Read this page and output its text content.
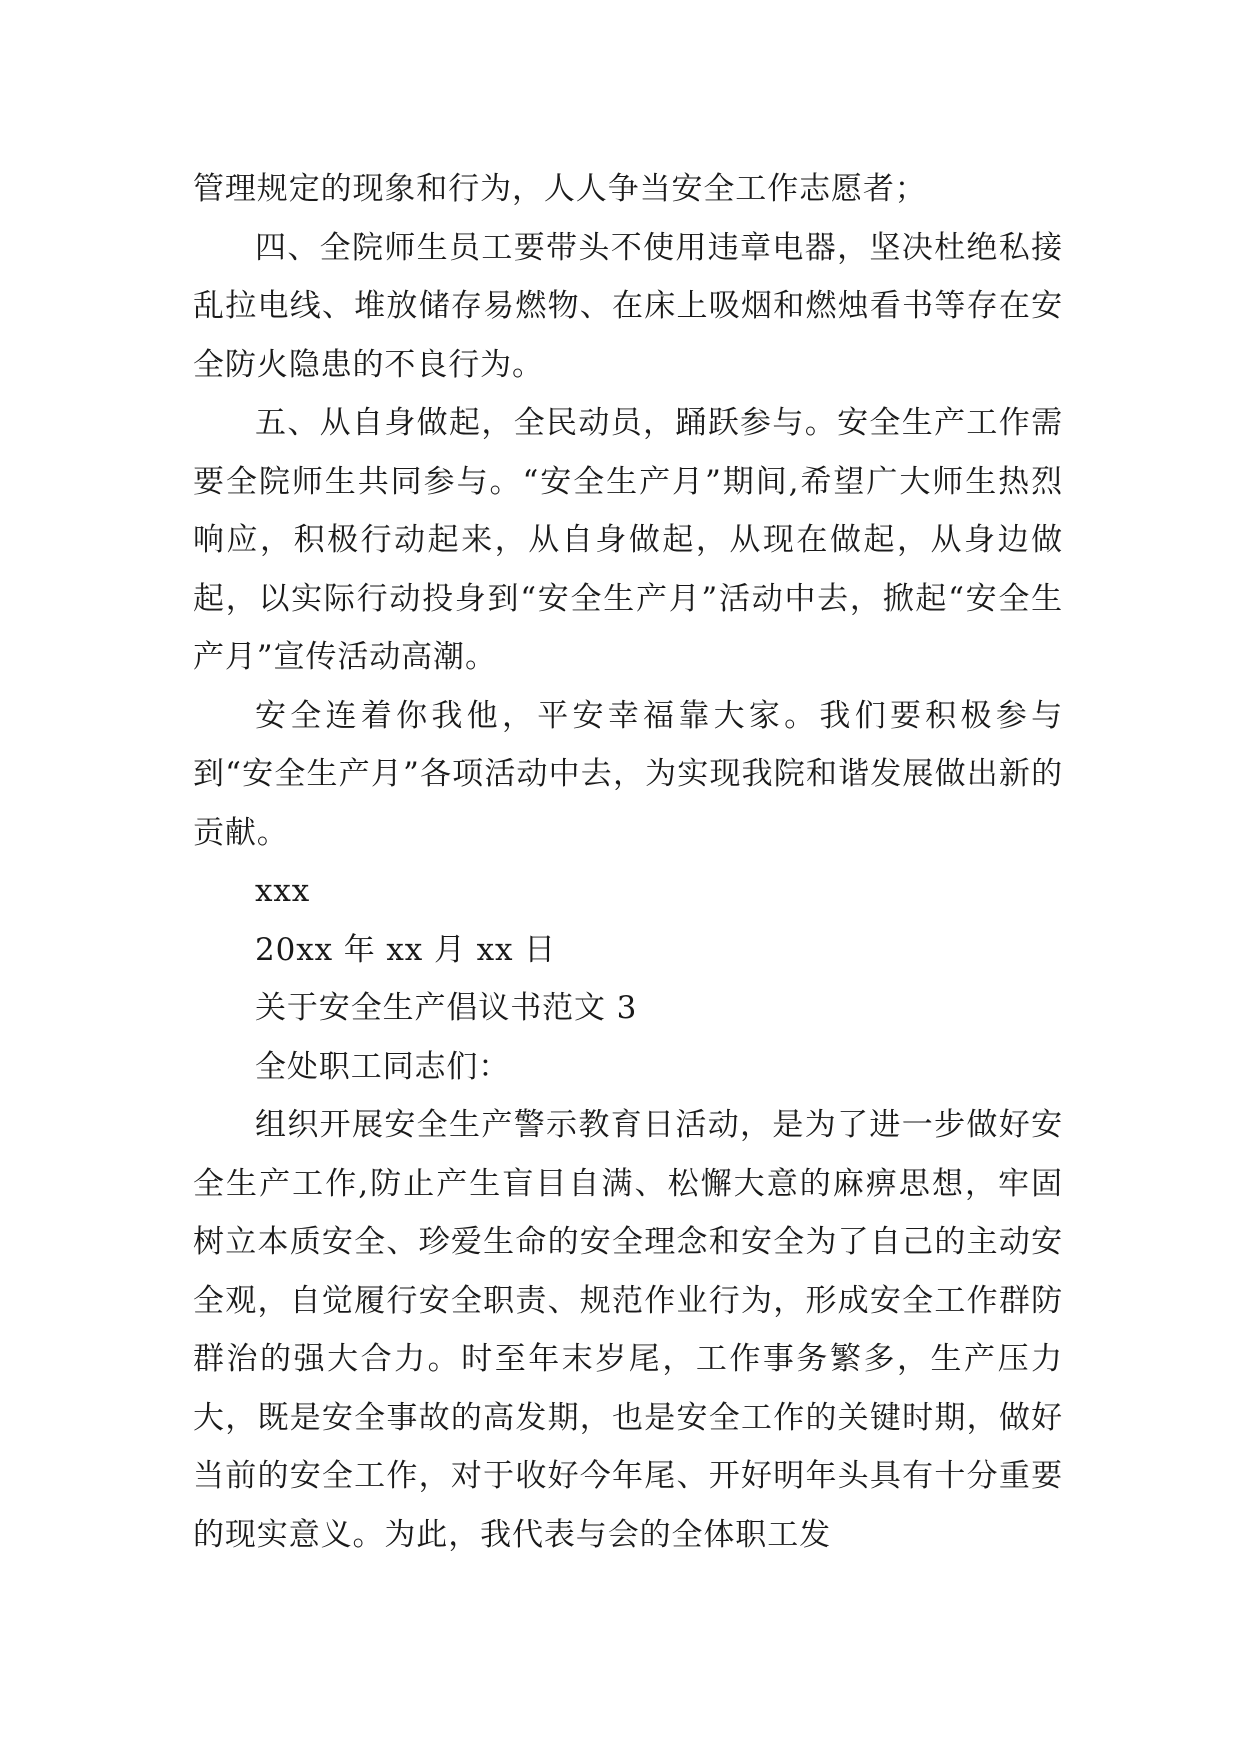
管理规定的现象和行为，人人争当安全工作志愿者；

四、全院师生员工要带头不使用违章电器，坚决杜绝私接乱拉电线、堆放储存易燃物、在床上吸烟和燃烛看书等存在安全防火隐患的不良行为。

五、从自身做起，全民动员，踊跃参与。安全生产工作需要全院师生共同参与。“安全生产月”期间,希望广大师生热烈响应，积极行动起来，从自身做起，从现在做起，从身边做起，以实际行动投身到“安全生产月”活动中去，掀起“安全生产月”宣传活动高潮。

安全连着你我他，平安幸福靠大家。我们要积极参与到“安全生产月”各项活动中去，为实现我院和谐发展做出新的贡献。

xxx

20xx 年 xx 月 xx 日

关于安全生产倡议书范文 3

全处职工同志们：

组织开展安全生产警示教育日活动，是为了进一步做好安全生产工作,防止产生盲目自满、松懈大意的麻痹思想，牢固树立本质安全、珍爱生命的安全理念和安全为了自己的主动安全观，自觉履行安全职责、规范作业行为，形成安全工作群防群治的强大合力。时至年末岁尾，工作事务繁多，生产压力大，既是安全事故的高发期，也是安全工作的关键时期，做好当前的安全工作，对于收好今年尾、开好明年头具有十分重要的现实意义。为此，我代表与会的全体职工发
